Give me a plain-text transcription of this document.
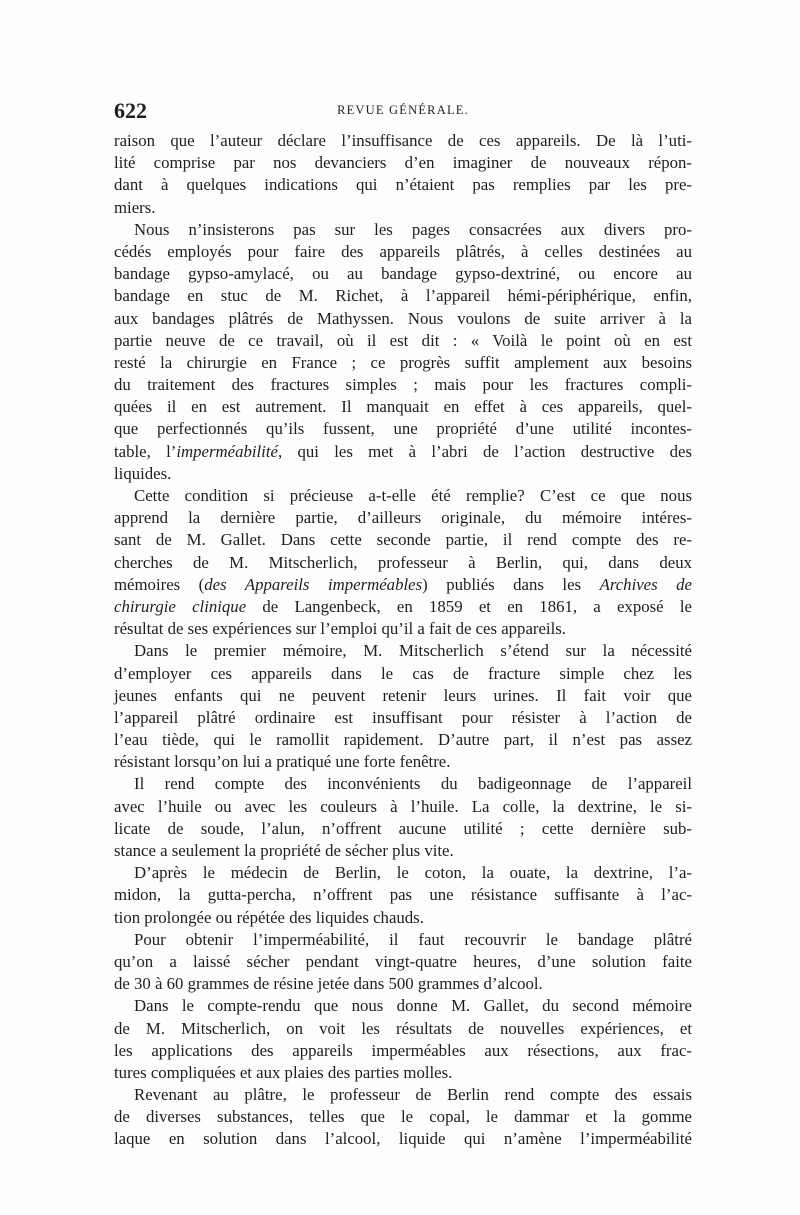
622	REVUE GÉNÉRALE.
raison que l’auteur déclare l’insuffisance de ces appareils. De là l’uti-
lité comprise par nos devanciers d’en imaginer de nouveaux répon-
dant à quelques indications qui n’étaient pas remplies par les pre-
miers.
Nous n’insisterons pas sur les pages consacrées aux divers pro-
cédés employés pour faire des appareils plâtrés, à celles destinées au
bandage gypso-amylacé, ou au bandage gypso-dextriné, ou encore au
bandage en stuc de M. Richet, à l’appareil hémi-périphérique, enfin,
aux bandages plâtrés de Mathyssen. Nous voulons de suite arriver à la
partie neuve de ce travail, où il est dit : « Voilà le point où en est
resté la chirurgie en France ; ce progrès suffit amplement aux besoins
du traitement des fractures simples ; mais pour les fractures compli-
quées il en est autrement. Il manquait en effet à ces appareils, quel-
que perfectionnés qu’ils fussent, une propriété d’une utilité incontes-
table, l’imperméabilité, qui les met à l’abri de l’action destructive des
liquides.
Cette condition si précieuse a-t-elle été remplie? C’est ce que nous
apprend la dernière partie, d’ailleurs originale, du mémoire intéres-
sant de M. Gallet. Dans cette seconde partie, il rend compte des re-
cherches de M. Mitscherlich, professeur à Berlin, qui, dans deux
mémoires (des Appareils imperméables) publiés dans les Archives de
chirurgie clinique de Langenbeck, en 1859 et en 1861, a exposé le
résultat de ses expériences sur l’emploi qu’il a fait de ces appareils.
Dans le premier mémoire, M. Mitscherlich s’étend sur la nécessité
d’employer ces appareils dans le cas de fracture simple chez les
jeunes enfants qui ne peuvent retenir leurs urines. Il fait voir que
l’appareil plâtré ordinaire est insuffisant pour résister à l’action de
l’eau tiède, qui le ramollit rapidement. D’autre part, il n’est pas assez
résistant lorsqu’on lui a pratiqué une forte fenêtre.
Il rend compte des inconvénients du badigeonnage de l’appareil
avec l’huile ou avec les couleurs à l’huile. La colle, la dextrine, le si-
licate de soude, l’alun, n’offrent aucune utilité ; cette dernière sub-
stance a seulement la propriété de sécher plus vite.
D’après le médecin de Berlin, le coton, la ouate, la dextrine, l’a-
midon, la gutta-percha, n’offrent pas une résistance suffisante à l’ac-
tion prolongée ou répétée des liquides chauds.
Pour obtenir l’imperméabilité, il faut recouvrir le bandage plâtré
qu’on a laissé sécher pendant vingt-quatre heures, d’une solution faite
de 30 à 60 grammes de résine jetée dans 500 grammes d’alcool.
Dans le compte-rendu que nous donne M. Gallet, du second mémoire
de M. Mitscherlich, on voit les résultats de nouvelles expériences, et
les applications des appareils imperméables aux résections, aux frac-
tures compliquées et aux plaies des parties molles.
Revenant au plâtre, le professeur de Berlin rend compte des essais
de diverses substances, telles que le copal, le dammar et la gomme
laque en solution dans l’alcool, liquide qui n’amène l’imperméabilité
